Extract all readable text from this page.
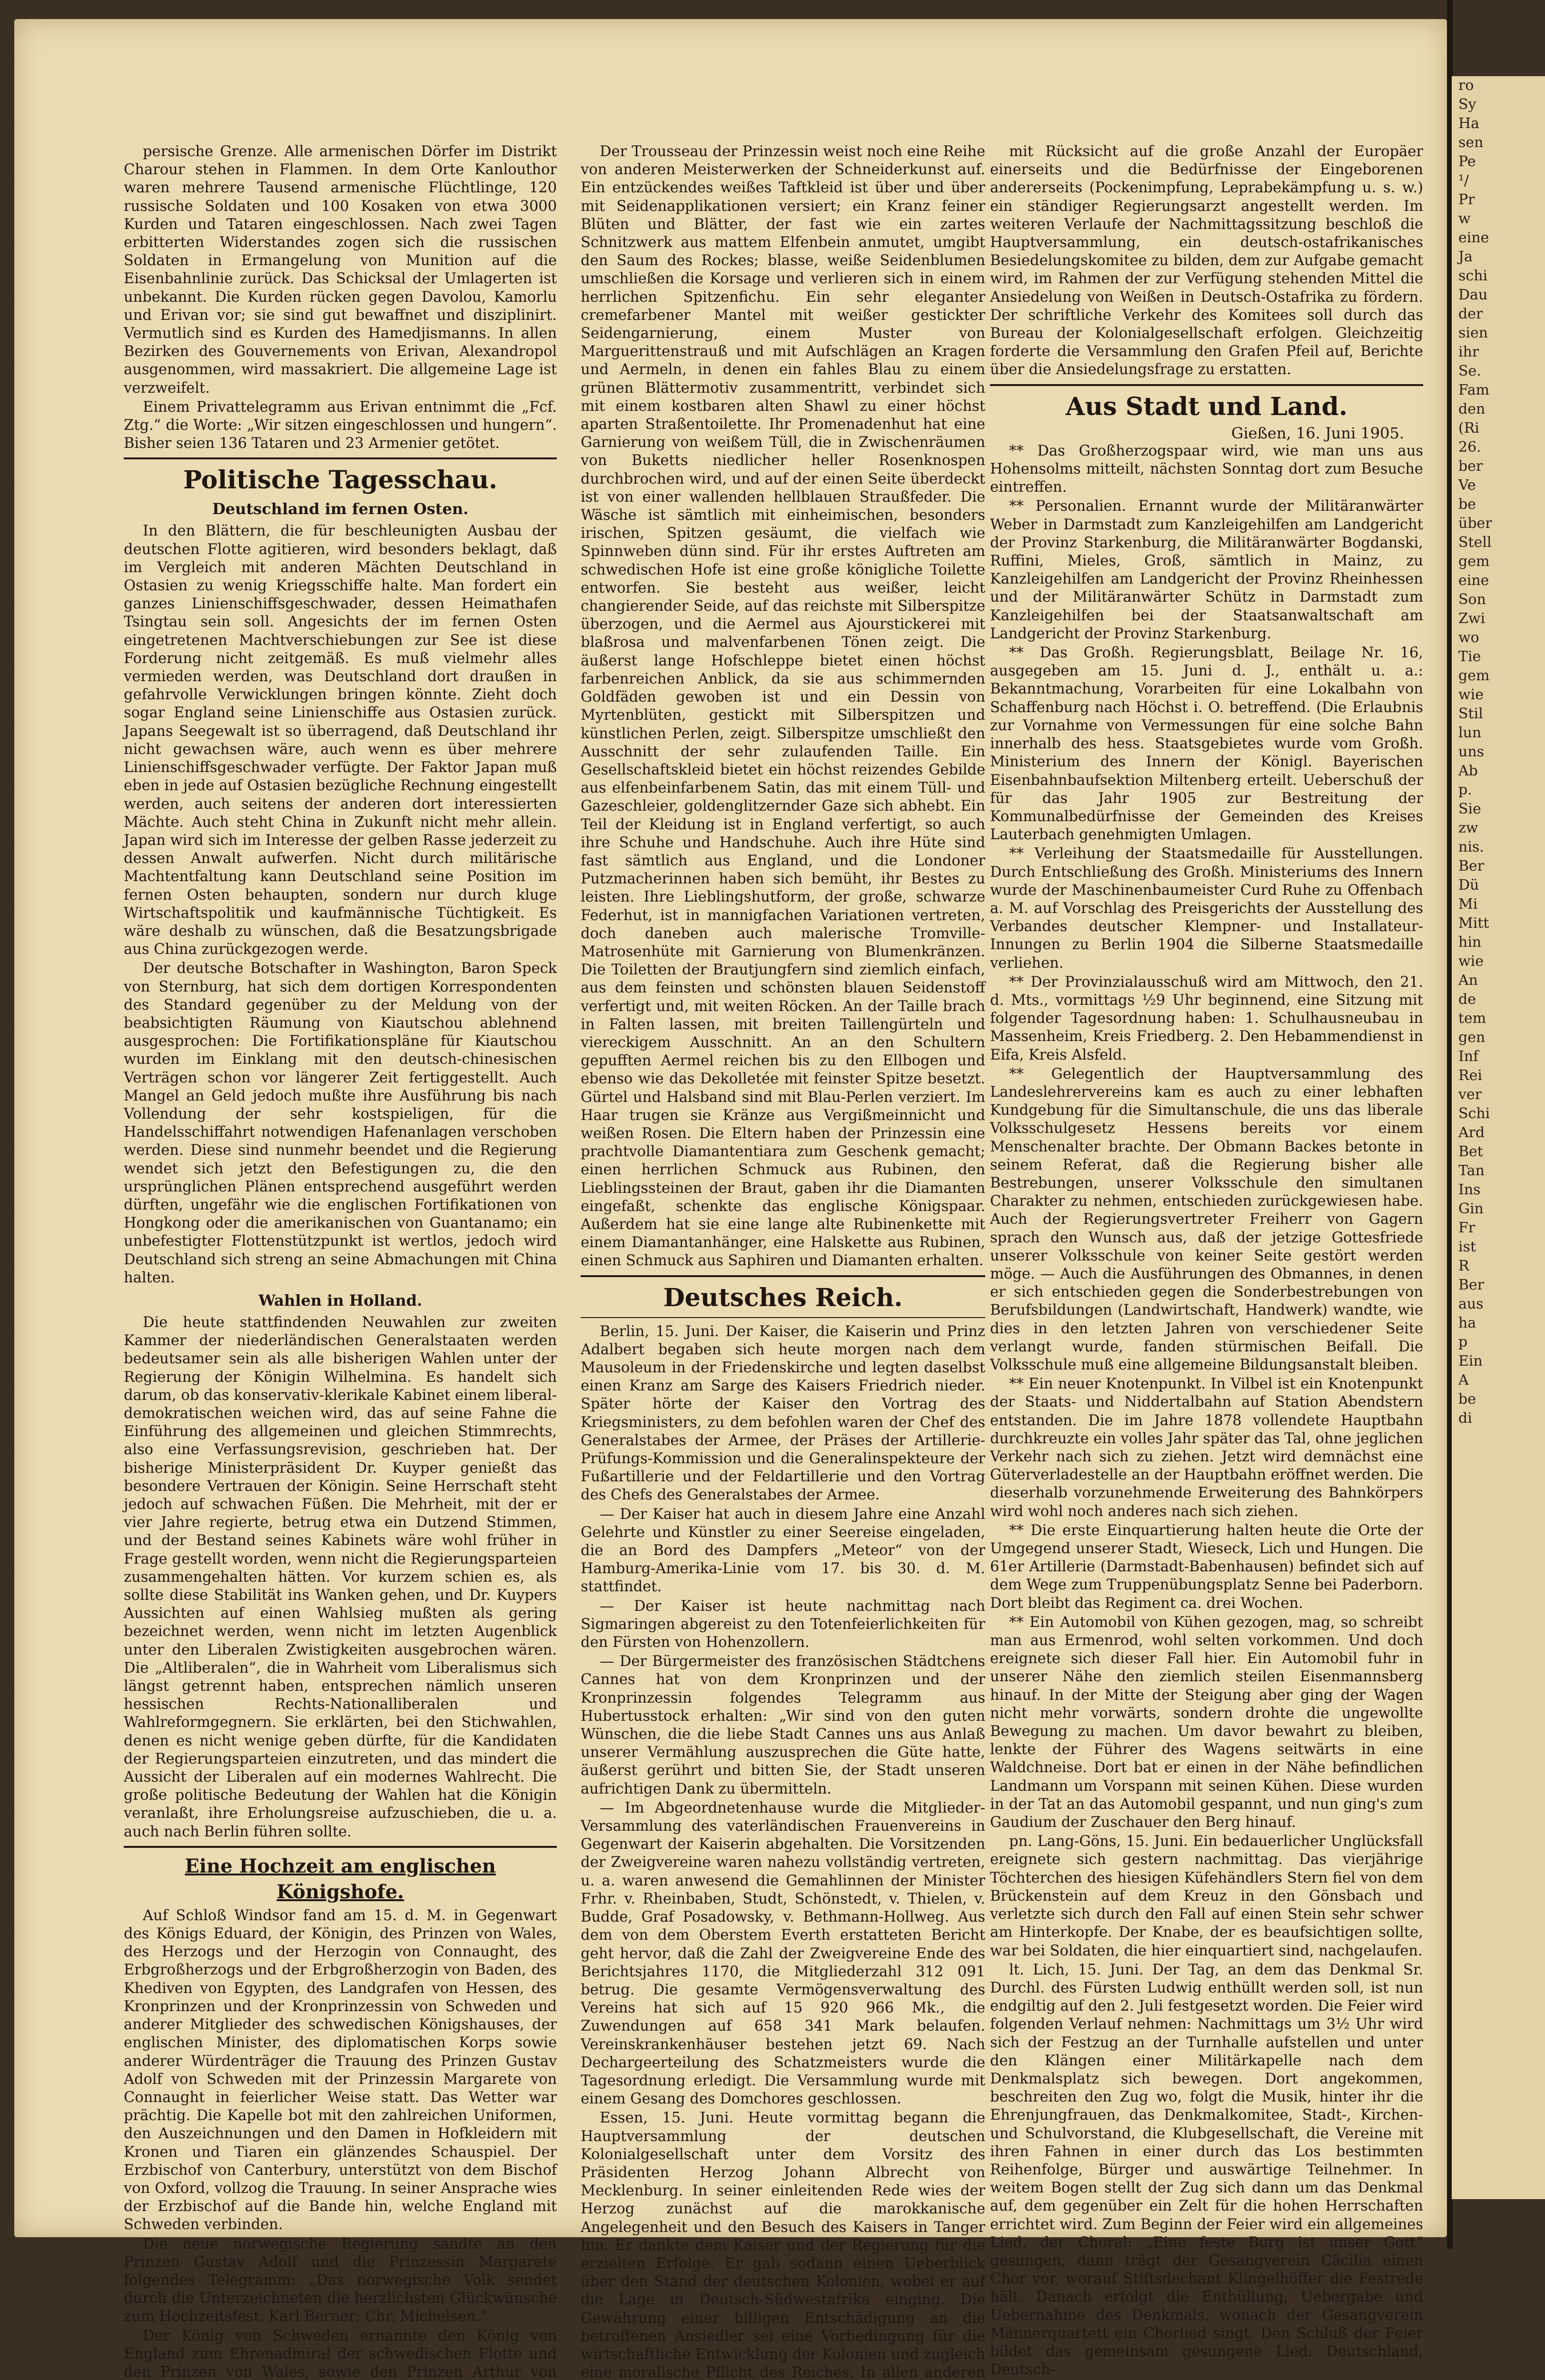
ro
Sy
Ha
sen
Pe
¹/
Pr
w
eine
Ja
schi
Dau
der
sien
ihr
Se.
Fam
den
(Ri
26.
ber
Ve
be
über
Stell
gem
eine
Son
Zwi
wo
Tie
gem
wie
Stil
lun
uns
Ab
p.
Sie
zw
nis.
Ber
Dü
Mi
Mitt
hin
wie
An
de
tem
gen
Inf
Rei
ver
Schi
Ard
Bet
Tan
Ins
Gin
Fr
ist
R
Ber
aus
ha
p
Ein
A
be
di

persische Grenze. Alle armenischen Dörfer im Distrikt Charour stehen in Flammen. In dem Orte Kanlouthor waren mehrere Tausend armenische Flüchtlinge, 120 russische Soldaten und 100 Kosaken von etwa 3000 Kurden und Tataren eingeschlossen. Nach zwei Tagen erbitterten Widerstandes zogen sich die russischen Soldaten in Ermangelung von Munition auf die Eisenbahnlinie zurück. Das Schicksal der Umlagerten ist unbekannt. Die Kurden rücken gegen Davolou, Kamorlu und Erivan vor; sie sind gut bewaffnet und disziplinirt. Vermutlich sind es Kurden des Hamedjismanns. In allen Bezirken des Gouvernements von Erivan, Alexandropol ausgenommen, wird massakriert. Die allgemeine Lage ist verzweifelt.

Einem Privattelegramm aus Erivan entnimmt die „Fcf. Ztg.“ die Worte: „Wir sitzen eingeschlossen und hungern“. Bisher seien 136 Tataren und 23 Armenier getötet.

Politische Tagesschau.
Deutschland im fernen Osten.

In den Blättern, die für beschleunigten Ausbau der deutschen Flotte agitieren, wird besonders beklagt, daß im Vergleich mit anderen Mächten Deutschland in Ostasien zu wenig Kriegsschiffe halte. Man fordert ein ganzes Linienschiffsgeschwader, dessen Heimathafen Tsingtau sein soll. Angesichts der im fernen Osten eingetretenen Machtverschiebungen zur See ist diese Forderung nicht zeitgemäß. Es muß vielmehr alles vermieden werden, was Deutschland dort draußen in gefahrvolle Verwicklungen bringen könnte. Zieht doch sogar England seine Linienschiffe aus Ostasien zurück. Japans Seegewalt ist so überragend, daß Deutschland ihr nicht gewachsen wäre, auch wenn es über mehrere Linienschiffsgeschwader verfügte. Der Faktor Japan muß eben in jede auf Ostasien bezügliche Rechnung eingestellt werden, auch seitens der anderen dort interessierten Mächte. Auch steht China in Zukunft nicht mehr allein. Japan wird sich im Interesse der gelben Rasse jederzeit zu dessen Anwalt aufwerfen. Nicht durch militärische Machtentfaltung kann Deutschland seine Position im fernen Osten behaupten, sondern nur durch kluge Wirtschaftspolitik und kaufmännische Tüchtigkeit. Es wäre deshalb zu wünschen, daß die Besatzungsbrigade aus China zurückgezogen werde.

Der deutsche Botschafter in Washington, Baron Speck von Sternburg, hat sich dem dortigen Korrespondenten des Standard gegenüber zu der Meldung von der beabsichtigten Räumung von Kiautschou ablehnend ausgesprochen: Die Fortifikationspläne für Kiautschou wurden im Einklang mit den deutsch-chinesischen Verträgen schon vor längerer Zeit fertiggestellt. Auch Mangel an Geld jedoch mußte ihre Ausführung bis nach Vollendung der sehr kostspieligen, für die Handelsschiffahrt notwendigen Hafenanlagen verschoben werden. Diese sind nunmehr beendet und die Regierung wendet sich jetzt den Befestigungen zu, die den ursprünglichen Plänen entsprechend ausgeführt werden dürften, ungefähr wie die englischen Fortifikationen von Hongkong oder die amerikanischen von Guantanamo; ein unbefestigter Flottenstützpunkt ist wertlos, jedoch wird Deutschland sich streng an seine Abmachungen mit China halten.

Wahlen in Holland.

Die heute stattfindenden Neuwahlen zur zweiten Kammer der niederländischen Generalstaaten werden bedeutsamer sein als alle bisherigen Wahlen unter der Regierung der Königin Wilhelmina. Es handelt sich darum, ob das konservativ-klerikale Kabinet einem liberal-demokratischen weichen wird, das auf seine Fahne die Einführung des allgemeinen und gleichen Stimmrechts, also eine Verfassungsrevision, geschrieben hat. Der bisherige Ministerpräsident Dr. Kuyper genießt das besondere Vertrauen der Königin. Seine Herrschaft steht jedoch auf schwachen Füßen. Die Mehrheit, mit der er vier Jahre regierte, betrug etwa ein Dutzend Stimmen, und der Bestand seines Kabinets wäre wohl früher in Frage gestellt worden, wenn nicht die Regierungsparteien zusammengehalten hätten. Vor kurzem schien es, als sollte diese Stabilität ins Wanken gehen, und Dr. Kuypers Aussichten auf einen Wahlsieg mußten als gering bezeichnet werden, wenn nicht im letzten Augenblick unter den Liberalen Zwistigkeiten ausgebrochen wären. Die „Altliberalen“, die in Wahrheit vom Liberalismus sich längst getrennt haben, entsprechen nämlich unseren hessischen Rechts-Nationalliberalen und Wahlreformgegnern. Sie erklärten, bei den Stichwahlen, denen es nicht wenige geben dürfte, für die Kandidaten der Regierungsparteien einzutreten, und das mindert die Aussicht der Liberalen auf ein modernes Wahlrecht. Die große politische Bedeutung der Wahlen hat die Königin veranlaßt, ihre Erholungsreise aufzuschieben, die u. a. auch nach Berlin führen sollte.

Eine Hochzeit am englischen Königshofe.

Auf Schloß Windsor fand am 15. d. M. in Gegenwart des Königs Eduard, der Königin, des Prinzen von Wales, des Herzogs und der Herzogin von Connaught, des Erbgroßherzogs und der Erbgroßherzogin von Baden, des Khediven von Egypten, des Landgrafen von Hessen, des Kronprinzen und der Kronprinzessin von Schweden und anderer Mitglieder des schwedischen Königshauses, der englischen Minister, des diplomatischen Korps sowie anderer Würdenträger die Trauung des Prinzen Gustav Adolf von Schweden mit der Prinzessin Margarete von Connaught in feierlicher Weise statt. Das Wetter war prächtig. Die Kapelle bot mit den zahlreichen Uniformen, den Auszeichnungen und den Damen in Hofkleidern mit Kronen und Tiaren ein glänzendes Schauspiel. Der Erzbischof von Canterbury, unterstützt von dem Bischof von Oxford, vollzog die Trauung. In seiner Ansprache wies der Erzbischof auf die Bande hin, welche England mit Schweden verbinden.

Die neue norwegische Regierung sandte an den Prinzen Gustav Adolf und die Prinzessin Margarete folgendes Telegramm: „Das norwegische Volk sendet durch die Unterzeichneten die herzlichsten Glückwünsche zum Hochzeitsfest. Karl Berner; Chr. Michelsen.“

Der König von Schweden ernannte den König von England zum Ehrenadmiral der schwedischen Flotte und den Prinzen von Wales, sowie den Prinzen Arthur von

Der Trousseau der Prinzessin weist noch eine Reihe von anderen Meisterwerken der Schneiderkunst auf. Ein entzückendes weißes Taftkleid ist über und über mit Seidenapplikationen versiert; ein Kranz feiner Blüten und Blätter, der fast wie ein zartes Schnitzwerk aus mattem Elfenbein anmutet, umgibt den Saum des Rockes; blasse, weiße Seidenblumen umschließen die Korsage und verlieren sich in einem herrlichen Spitzenfichu. Ein sehr eleganter cremefarbener Mantel mit weißer gestickter Seidengarnierung, einem Muster von Marguerittenstrauß und mit Aufschlägen an Kragen und Aermeln, in denen ein fahles Blau zu einem grünen Blättermotiv zusammentritt, verbindet sich mit einem kostbaren alten Shawl zu einer höchst aparten Straßentoilette. Ihr Promenadenhut hat eine Garnierung von weißem Tüll, die in Zwischenräumen von Buketts niedlicher heller Rosenknospen durchbrochen wird, und auf der einen Seite überdeckt ist von einer wallenden hellblauen Straußfeder. Die Wäsche ist sämtlich mit einheimischen, besonders irischen, Spitzen gesäumt, die vielfach wie Spinnweben dünn sind. Für ihr erstes Auftreten am schwedischen Hofe ist eine große königliche Toilette entworfen. Sie besteht aus weißer, leicht changierender Seide, auf das reichste mit Silberspitze überzogen, und die Aermel aus Ajourstickerei mit blaßrosa und malvenfarbenen Tönen zeigt. Die äußerst lange Hofschleppe bietet einen höchst farbenreichen Anblick, da sie aus schimmernden Goldfäden gewoben ist und ein Dessin von Myrtenblüten, gestickt mit Silberspitzen und künstlichen Perlen, zeigt. Silberspitze umschließt den Ausschnitt der sehr zulaufenden Taille. Ein Gesellschaftskleid bietet ein höchst reizendes Gebilde aus elfenbeinfarbenem Satin, das mit einem Tüll- und Gazeschleier, goldenglitzernder Gaze sich abhebt. Ein Teil der Kleidung ist in England verfertigt, so auch ihre Schuhe und Handschuhe. Auch ihre Hüte sind fast sämtlich aus England, und die Londoner Putzmacherinnen haben sich bemüht, ihr Bestes zu leisten. Ihre Lieblingshutform, der große, schwarze Federhut, ist in mannigfachen Variationen vertreten, doch daneben auch malerische Tromville-Matrosenhüte mit Garnierung von Blumenkränzen. Die Toiletten der Brautjungfern sind ziemlich einfach, aus dem feinsten und schönsten blauen Seidenstoff verfertigt und, mit weiten Röcken. An der Taille brach in Falten lassen, mit breiten Taillengürteln und viereckigem Ausschnitt. An an den Schultern gepufften Aermel reichen bis zu den Ellbogen und ebenso wie das Dekolletée mit feinster Spitze besetzt. Gürtel und Halsband sind mit Blau-Perlen verziert. Im Haar trugen sie Kränze aus Vergißmeinnicht und weißen Rosen. Die Eltern haben der Prinzessin eine prachtvolle Diamantentiara zum Geschenk gemacht; einen herrlichen Schmuck aus Rubinen, den Lieblingssteinen der Braut, gaben ihr die Diamanten eingefaßt, schenkte das englische Königspaar. Außerdem hat sie eine lange alte Rubinenkette mit einem Diamantanhänger, eine Halskette aus Rubinen, einen Schmuck aus Saphiren und Diamanten erhalten.

Deutsches Reich.

Berlin, 15. Juni. Der Kaiser, die Kaiserin und Prinz Adalbert begaben sich heute morgen nach dem Mausoleum in der Friedenskirche und legten daselbst einen Kranz am Sarge des Kaisers Friedrich nieder. Später hörte der Kaiser den Vortrag des Kriegsministers, zu dem befohlen waren der Chef des Generalstabes der Armee, der Präses der Artillerie-Prüfungs-Kommission und die Generalinspekteure der Fußartillerie und der Feldartillerie und den Vortrag des Chefs des Generalstabes der Armee.

— Der Kaiser hat auch in diesem Jahre eine Anzahl Gelehrte und Künstler zu einer Seereise eingeladen, die an Bord des Dampfers „Meteor“ von der Hamburg-Amerika-Linie vom 17. bis 30. d. M. stattfindet.

— Der Kaiser ist heute nachmittag nach Sigmaringen abgereist zu den Totenfeierlichkeiten für den Fürsten von Hohenzollern.

— Der Bürgermeister des französischen Städtchens Cannes hat von dem Kronprinzen und der Kronprinzessin folgendes Telegramm aus Hubertusstock erhalten: „Wir sind von den guten Wünschen, die die liebe Stadt Cannes uns aus Anlaß unserer Vermählung auszusprechen die Güte hatte, äußerst gerührt und bitten Sie, der Stadt unseren aufrichtigen Dank zu übermitteln.

— Im Abgeordnetenhause wurde die Mitglieder-Versammlung des vaterländischen Frauenvereins in Gegenwart der Kaiserin abgehalten. Die Vorsitzenden der Zweigvereine waren nahezu vollständig vertreten, u. a. waren anwesend die Gemahlinnen der Minister Frhr. v. Rheinbaben, Studt, Schönstedt, v. Thielen, v. Budde, Graf Posadowsky, v. Bethmann-Hollweg. Aus dem von dem Oberstem Everth erstatteten Bericht geht hervor, daß die Zahl der Zweigvereine Ende des Berichtsjahres 1170, die Mitgliederzahl 312 091 betrug. Die gesamte Vermögensverwaltung des Vereins hat sich auf 15 920 966 Mk., die Zuwendungen auf 658 341 Mark belaufen. Vereinskrankenhäuser bestehen jetzt 69. Nach Dechargeerteilung des Schatzmeisters wurde die Tagesordnung erledigt. Die Versammlung wurde mit einem Gesang des Domchores geschlossen.

Essen, 15. Juni. Heute vormittag begann die Hauptversammlung der deutschen Kolonialgesellschaft unter dem Vorsitz des Präsidenten Herzog Johann Albrecht von Mecklenburg. In seiner einleitenden Rede wies der Herzog zunächst auf die marokkanische Angelegenheit und den Besuch des Kaisers in Tanger hin. Er dankte dem Kaiser und der Regierung für die erzielten Erfolge. Er gab sodann einen Ueberblick über den Stand der deutschen Kolonien, wobei er auf die Lage in Deutsch-Südwestafrika einging. Die Gewährung einer billigen Entschädigung an die betroffenen Ansiedler sei eine Vorbedingung für die wirtschaftliche Entwicklung der Kolonien und zugleich eine moralische Pflicht des Reiches. In allen anderen

mit Rücksicht auf die große Anzahl der Europäer einerseits und die Bedürfnisse der Eingeborenen andererseits (Pockenimpfung, Leprabekämpfung u. s. w.) ein ständiger Regierungsarzt angestellt werden. Im weiteren Verlaufe der Nachmittagssitzung beschloß die Hauptversammlung, ein deutsch-ostafrikanisches Besiedelungskomitee zu bilden, dem zur Aufgabe gemacht wird, im Rahmen der zur Verfügung stehenden Mittel die Ansiedelung von Weißen in Deutsch-Ostafrika zu fördern. Der schriftliche Verkehr des Komitees soll durch das Bureau der Kolonialgesellschaft erfolgen. Gleichzeitig forderte die Versammlung den Grafen Pfeil auf, Berichte über die Ansiedelungsfrage zu erstatten.

Aus Stadt und Land.
Gießen, 16. Juni 1905.

** Das Großherzogspaar wird, wie man uns aus Hohensolms mitteilt, nächsten Sonntag dort zum Besuche eintreffen.

** Personalien. Ernannt wurde der Militäranwärter Weber in Darmstadt zum Kanzleigehilfen am Landgericht der Provinz Starkenburg, die Militäranwärter Bogdanski, Ruffini, Mieles, Groß, sämtlich in Mainz, zu Kanzleigehilfen am Landgericht der Provinz Rheinhessen und der Militäranwärter Schütz in Darmstadt zum Kanzleigehilfen bei der Staatsanwaltschaft am Landgericht der Provinz Starkenburg.

** Das Großh. Regierungsblatt, Beilage Nr. 16, ausgegeben am 15. Juni d. J., enthält u. a.: Bekanntmachung, Vorarbeiten für eine Lokalbahn von Schaffenburg nach Höchst i. O. betreffend. (Die Erlaubnis zur Vornahme von Vermessungen für eine solche Bahn innerhalb des hess. Staatsgebietes wurde vom Großh. Ministerium des Innern der Königl. Bayerischen Eisenbahnbaufsektion Miltenberg erteilt. Ueberschuß der für das Jahr 1905 zur Bestreitung der Kommunalbedürfnisse der Gemeinden des Kreises Lauterbach genehmigten Umlagen.

** Verleihung der Staatsmedaille für Ausstellungen. Durch Entschließung des Großh. Ministeriums des Innern wurde der Maschinenbaumeister Curd Ruhe zu Offenbach a. M. auf Vorschlag des Preisgerichts der Ausstellung des Verbandes deutscher Klempner- und Installateur-Innungen zu Berlin 1904 die Silberne Staatsmedaille verliehen.

** Der Provinzialausschuß wird am Mittwoch, den 21. d. Mts., vormittags ½9 Uhr beginnend, eine Sitzung mit folgender Tagesordnung haben: 1. Schulhausneubau in Massenheim, Kreis Friedberg. 2. Den Hebammendienst in Eifa, Kreis Alsfeld.

** Gelegentlich der Hauptversammlung des Landeslehrervereins kam es auch zu einer lebhaften Kundgebung für die Simultanschule, die uns das liberale Volksschulgesetz Hessens bereits vor einem Menschenalter brachte. Der Obmann Backes betonte in seinem Referat, daß die Regierung bisher alle Bestrebungen, unserer Volksschule den simultanen Charakter zu nehmen, entschieden zurückgewiesen habe. Auch der Regierungsvertreter Freiherr von Gagern sprach den Wunsch aus, daß der jetzige Gottesfriede unserer Volksschule von keiner Seite gestört werden möge. — Auch die Ausführungen des Obmannes, in denen er sich entschieden gegen die Sonderbestrebungen von Berufsbildungen (Landwirtschaft, Handwerk) wandte, wie dies in den letzten Jahren von verschiedener Seite verlangt wurde, fanden stürmischen Beifall. Die Volksschule muß eine allgemeine Bildungsanstalt bleiben.

** Ein neuer Knotenpunkt. In Vilbel ist ein Knotenpunkt der Staats- und Niddertalbahn auf Station Abendstern entstanden. Die im Jahre 1878 vollendete Hauptbahn durchkreuzte ein volles Jahr später das Tal, ohne jeglichen Verkehr nach sich zu ziehen. Jetzt wird demnächst eine Güterverladestelle an der Hauptbahn eröffnet werden. Die dieserhalb vorzunehmende Erweiterung des Bahnkörpers wird wohl noch anderes nach sich ziehen.

** Die erste Einquartierung halten heute die Orte der Umgegend unserer Stadt, Wieseck, Lich und Hungen. Die 61er Artillerie (Darmstadt-Babenhausen) befindet sich auf dem Wege zum Truppenübungsplatz Senne bei Paderborn. Dort bleibt das Regiment ca. drei Wochen.

** Ein Automobil von Kühen gezogen, mag, so schreibt man aus Ermenrod, wohl selten vorkommen. Und doch ereignete sich dieser Fall hier. Ein Automobil fuhr in unserer Nähe den ziemlich steilen Eisenmannsberg hinauf. In der Mitte der Steigung aber ging der Wagen nicht mehr vorwärts, sondern drohte die ungewollte Bewegung zu machen. Um davor bewahrt zu bleiben, lenkte der Führer des Wagens seitwärts in eine Waldchneise. Dort bat er einen in der Nähe befindlichen Landmann um Vorspann mit seinen Kühen. Diese wurden in der Tat an das Automobil gespannt, und nun ging's zum Gaudium der Zuschauer den Berg hinauf.

pn. Lang-Göns, 15. Juni. Ein bedauerlicher Unglücksfall ereignete sich gestern nachmittag. Das vierjährige Töchterchen des hiesigen Küfehändlers Stern fiel von dem Brückenstein auf dem Kreuz in den Gönsbach und verletzte sich durch den Fall auf einen Stein sehr schwer am Hinterkopfe. Der Knabe, der es beaufsichtigen sollte, war bei Soldaten, die hier einquartiert sind, nachgelaufen.

lt. Lich, 15. Juni. Der Tag, an dem das Denkmal Sr. Durchl. des Fürsten Ludwig enthüllt werden soll, ist nun endgiltig auf den 2. Juli festgesetzt worden. Die Feier wird folgenden Verlauf nehmen: Nachmittags um 3½ Uhr wird sich der Festzug an der Turnhalle aufstellen und unter den Klängen einer Militärkapelle nach dem Denkmalsplatz sich bewegen. Dort angekommen, beschreiten den Zug wo, folgt die Musik, hinter ihr die Ehrenjungfrauen, das Denkmalkomitee, Stadt-, Kirchen- und Schulvorstand, die Klubgesellschaft, die Vereine mit ihren Fahnen in einer durch das Los bestimmten Reihenfolge, Bürger und auswärtige Teilnehmer. In weitem Bogen stellt der Zug sich dann um das Denkmal auf, dem gegenüber ein Zelt für die hohen Herrschaften errichtet wird. Zum Beginn der Feier wird ein allgemeines Lied, der Choral: „Eine feste Burg ist unser Gott“ gesungen, dann trägt der Gesangverein Cäcilia einen Chor vor, worauf Stiftsdechant Klingelhöffer die Festrede hält. Danach erfolgt die Enthüllung, Uebergabe und Uebernahme des Denkmals, wonach der Gesangverein Männerquartett ein Chorlied singt. Den Schluß der Feier bildet das gemeinsam gesungene Lied: Deutschland, Deutsch-
